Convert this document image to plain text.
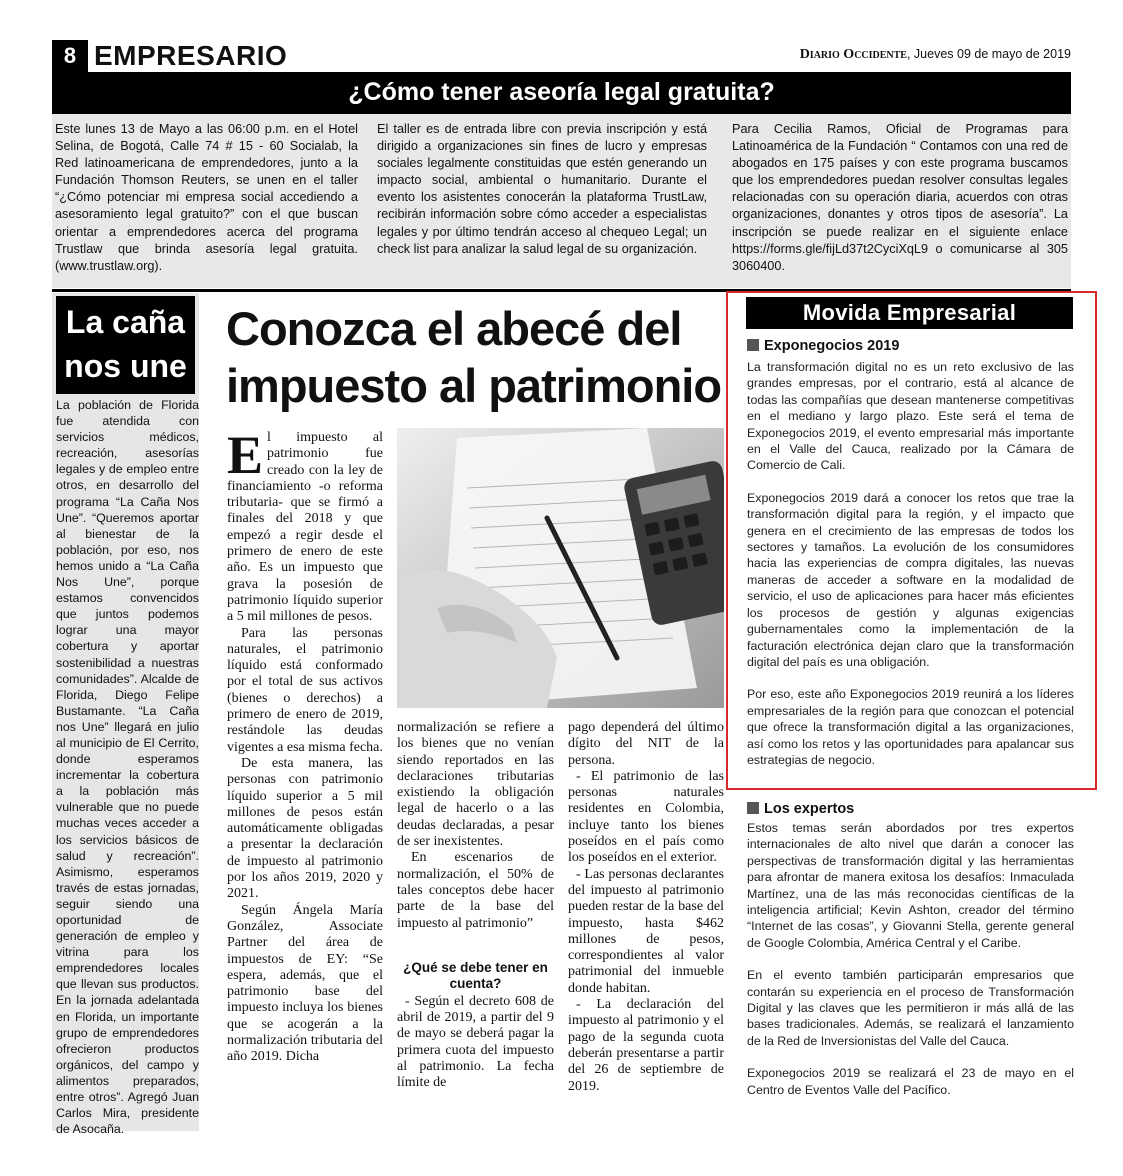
8 EMPRESARIO	Diario Occidente, Jueves 09 de mayo de 2019
¿Cómo tener aseoría legal gratuita?
Este lunes 13 de Mayo a las 06:00 p.m. en el Hotel Selina, de Bogotá, Calle 74 # 15 - 60 Socialab, la Red latinoamericana de emprendedores, junto a la Fundación Thomson Reuters, se unen en el taller “¿Cómo potenciar mi empresa social accediendo a asesoramiento legal gratuito?” con el que buscan orientar a emprendedores acerca del programa Trustlaw que brinda asesoría legal gratuita. (www.trustlaw.org).
El taller es de entrada libre con previa inscripción y está dirigido a organizaciones sin fines de lucro y empresas sociales legalmente constituidas que estén generando un impacto social, ambiental o humanitario. Durante el evento los asistentes conocerán la plataforma TrustLaw, recibirán información sobre cómo acceder a especialistas legales y por último tendrán acceso al chequeo Legal; un check list para analizar la salud legal de su organización.
Para Cecilia Ramos, Oficial de Programas para Latinoamérica de la Fundación “ Contamos con una red de abogados en 175 países y con este programa buscamos que los emprendedores puedan resolver consultas legales relacionadas con su operación diaria, acuerdos con otras organizaciones, donantes y otros tipos de asesoría”. La inscripción se puede realizar en el siguiente enlace https://forms.gle/fijLd37t2CyciXqL9 o comunicarse al 305 3060400.
La caña nos une
La población de Florida fue atendida con servicios médicos, recreación, asesorías legales y de empleo entre otros, en desarrollo del programa “La Caña Nos Une”. “Queremos aportar al bienestar de la población, por eso, nos hemos unido a “La Caña Nos Une”, porque estamos convencidos que juntos podemos lograr una mayor cobertura y aportar sostenibilidad a nuestras comunidades”. Alcalde de Florida, Diego Felipe Bustamante. “La Caña nos Une” llegará en julio al municipio de El Cerrito, donde esperamos incrementar la cobertura a la población más vulnerable que no puede muchas veces acceder a los servicios básicos de salud y recreación”. Asimismo, esperamos través de estas jornadas, seguir siendo una oportunidad de generación de empleo y vitrina para los emprendedores locales que llevan sus productos. En la jornada adelantada en Florida, un importante grupo de emprendedores ofrecieron productos orgánicos, del campo y alimentos preparados, entre otros”. Agregó Juan Carlos Mira, presidente de Asocaña.
Conozca el abecé del impuesto al patrimonio

El impuesto al patrimonio fue creado con la ley de financiamiento -o reforma tributaria- que se firmó a finales del 2018 y que empezó a regir desde el primero de enero de este año. Es un impuesto que grava la posesión de patrimonio líquido superior a 5 mil millones de pesos.

Para las personas naturales, el patrimonio líquido está conformado por el total de sus activos (bienes o derechos) a primero de enero de 2019, restándole las deudas vigentes a esa misma fecha.

De esta manera, las personas con patrimonio líquido superior a 5 mil millones de pesos están automáticamente obligadas a presentar la declaración de impuesto al patrimonio por los años 2019, 2020 y 2021.

Según Ángela María González, Associate Partner del área de impuestos de EY: “Se espera, además, que el patrimonio base del impuesto incluya los bienes que se acogerán a la normalización tributaria del año 2019. Dicha

normalización se refiere a los bienes que no venían siendo reportados en las declaraciones tributarias existiendo la obligación legal de hacerlo o a las deudas declaradas, a pesar de ser inexistentes.

En escenarios de normalización, el 50% de tales conceptos debe hacer parte de la base del impuesto al patrimonio”

¿Qué se debe tener en cuenta?

- Según el decreto 608 de abril de 2019, a partir del 9 de mayo se deberá pagar la primera cuota del impuesto al patrimonio. La fecha límite de

pago dependerá del último dígito del NIT de la persona.

- El patrimonio de las personas naturales residentes en Colombia, incluye tanto los bienes poseídos en el país como los poseídos en el exterior.

- Las personas declarantes del impuesto al patrimonio pueden restar de la base del impuesto, hasta $462 millones de pesos, correspondientes al valor patrimonial del inmueble donde habitan.

- La declaración del impuesto al patrimonio y el pago de la segunda cuota deberán presentarse a partir del 26 de septiembre de 2019.

Movida Empresarial
Exponegocios 2019

La transformación digital no es un reto exclusivo de las grandes empresas, por el contrario, está al alcance de todas las compañías que desean mantenerse competitivas en el mediano y largo plazo. Este será el tema de Exponegocios 2019, el evento empresarial más importante en el Valle del Cauca, realizado por la Cámara de Comercio de Cali.

Exponegocios 2019 dará a conocer los retos que trae la transformación digital para la región, y el impacto que genera en el crecimiento de las empresas de todos los sectores y tamaños. La evolución de los consumidores hacia las experiencias de compra digitales, las nuevas maneras de acceder a software en la modalidad de servicio, el uso de aplicaciones para hacer más eficientes los procesos de gestión y algunas exigencias gubernamentales como la implementación de la facturación electrónica dejan claro que la transformación digital del país es una obligación.

Por eso, este año Exponegocios 2019 reunirá a los líderes empresariales de la región para que conozcan el potencial que ofrece la transformación digital a las organizaciones, así como los retos y las oportunidades para apalancar sus estrategias de negocio.

Los expertos

Estos temas serán abordados por tres expertos internacionales de alto nivel que darán a conocer las perspectivas de transformación digital y las herramientas para afrontar de manera exitosa los desafíos: Inmaculada Martínez, una de las más reconocidas científicas de la inteligencia artificial; Kevin Ashton, creador del término “Internet de las cosas”, y Giovanni Stella, gerente general de Google Colombia, América Central y el Caribe.

En el evento también participarán empresarios que contarán su experiencia en el proceso de Transformación Digital y las claves que les permitieron ir más allá de las bases tradicionales. Además, se realizará el lanzamiento de la Red de Inversionistas del Valle del Cauca.

Exponegocios 2019 se realizará el 23 de mayo en el Centro de Eventos Valle del Pacífico.
